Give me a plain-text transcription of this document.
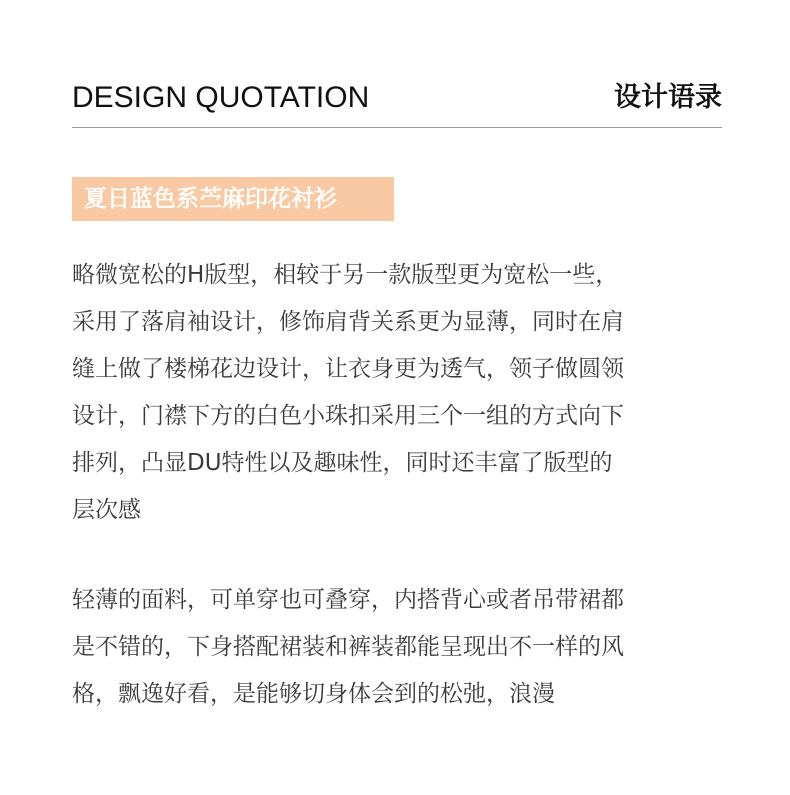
DESIGN QUOTATION	设计语录
夏日蓝色系苎麻印花衬衫
略微宽松的H版型，相较于另一款版型更为宽松一些，
采用了落肩袖设计，修饰肩背关系更为显薄，同时在肩
缝上做了楼梯花边设计，让衣身更为透气，领子做圆领
设计，门襟下方的白色小珠扣采用三个一组的方式向下
排列，凸显DU特性以及趣味性，同时还丰富了版型的
层次感
轻薄的面料，可单穿也可叠穿，内搭背心或者吊带裙都
是不错的，下身搭配裙装和裤装都能呈现出不一样的风
格，飘逸好看，是能够切身体会到的松弛，浪漫
